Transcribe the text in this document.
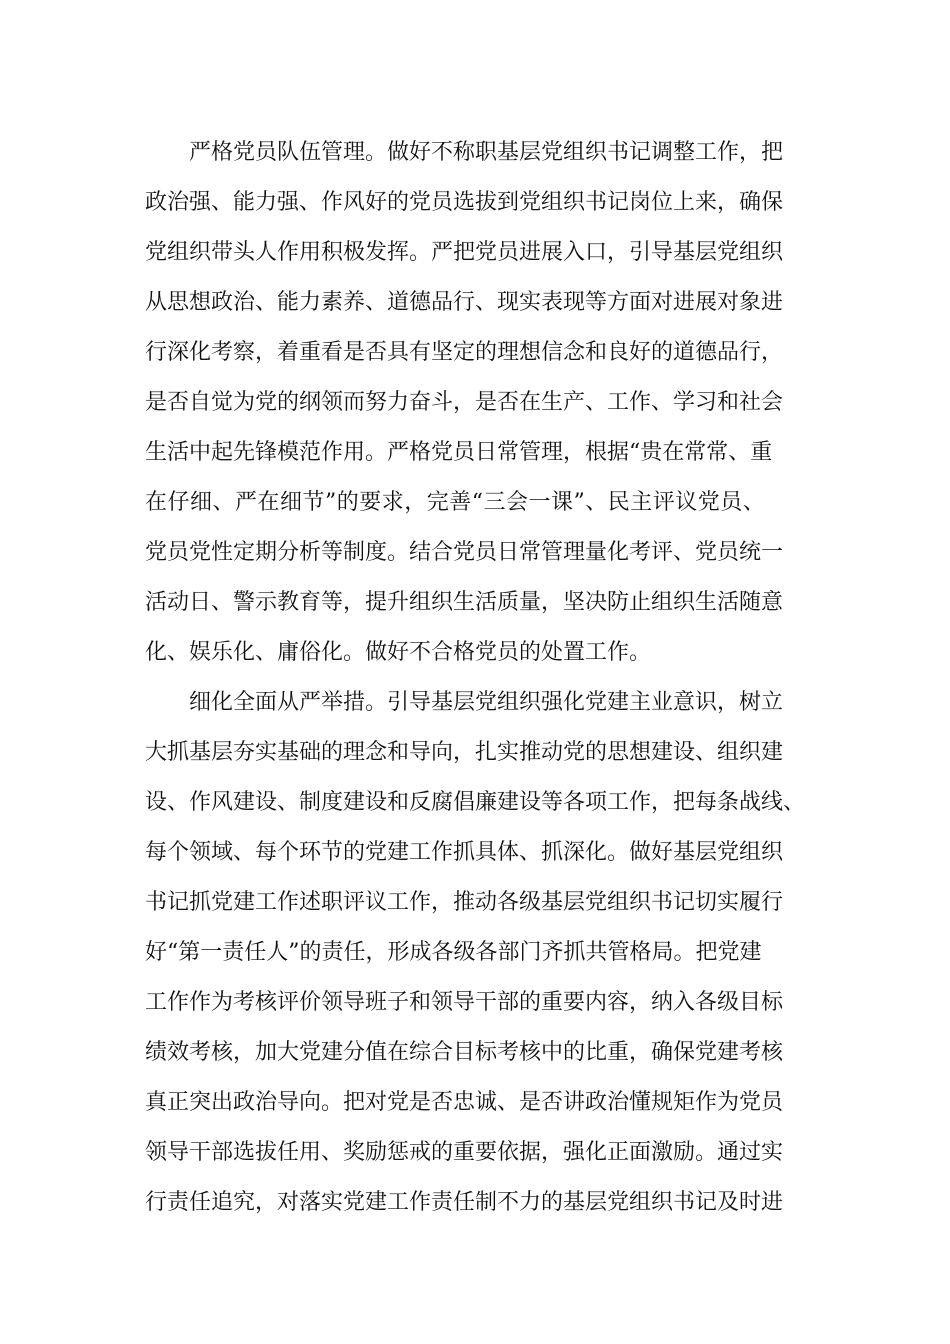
严格党员队伍管理。做好不称职基层党组织书记调整工作，把
政治强、能力强、作风好的党员选拔到党组织书记岗位上来，确保
党组织带头人作用积极发挥。严把党员进展入口，引导基层党组织
从思想政治、能力素养、道德品行、现实表现等方面对进展对象进
行深化考察，着重看是否具有坚定的理想信念和良好的道德品行，
是否自觉为党的纲领而努力奋斗，是否在生产、工作、学习和社会
生活中起先锋模范作用。严格党员日常管理，根据“贵在常常、重
在仔细、严在细节”的要求，完善“三会一课”、民主评议党员、
党员党性定期分析等制度。结合党员日常管理量化考评、党员统一
活动日、警示教育等，提升组织生活质量，坚决防止组织生活随意
化、娱乐化、庸俗化。做好不合格党员的处置工作。
细化全面从严举措。引导基层党组织强化党建主业意识，树立
大抓基层夯实基础的理念和导向，扎实推动党的思想建设、组织建
设、作风建设、制度建设和反腐倡廉建设等各项工作，把每条战线、
每个领域、每个环节的党建工作抓具体、抓深化。做好基层党组织
书记抓党建工作述职评议工作，推动各级基层党组织书记切实履行
好“第一责任人”的责任，形成各级各部门齐抓共管格局。把党建
工作作为考核评价领导班子和领导干部的重要内容，纳入各级目标
绩效考核，加大党建分值在综合目标考核中的比重，确保党建考核
真正突出政治导向。把对党是否忠诚、是否讲政治懂规矩作为党员
领导干部选拔任用、奖励惩戒的重要依据，强化正面激励。通过实
行责任追究，对落实党建工作责任制不力的基层党组织书记及时进
